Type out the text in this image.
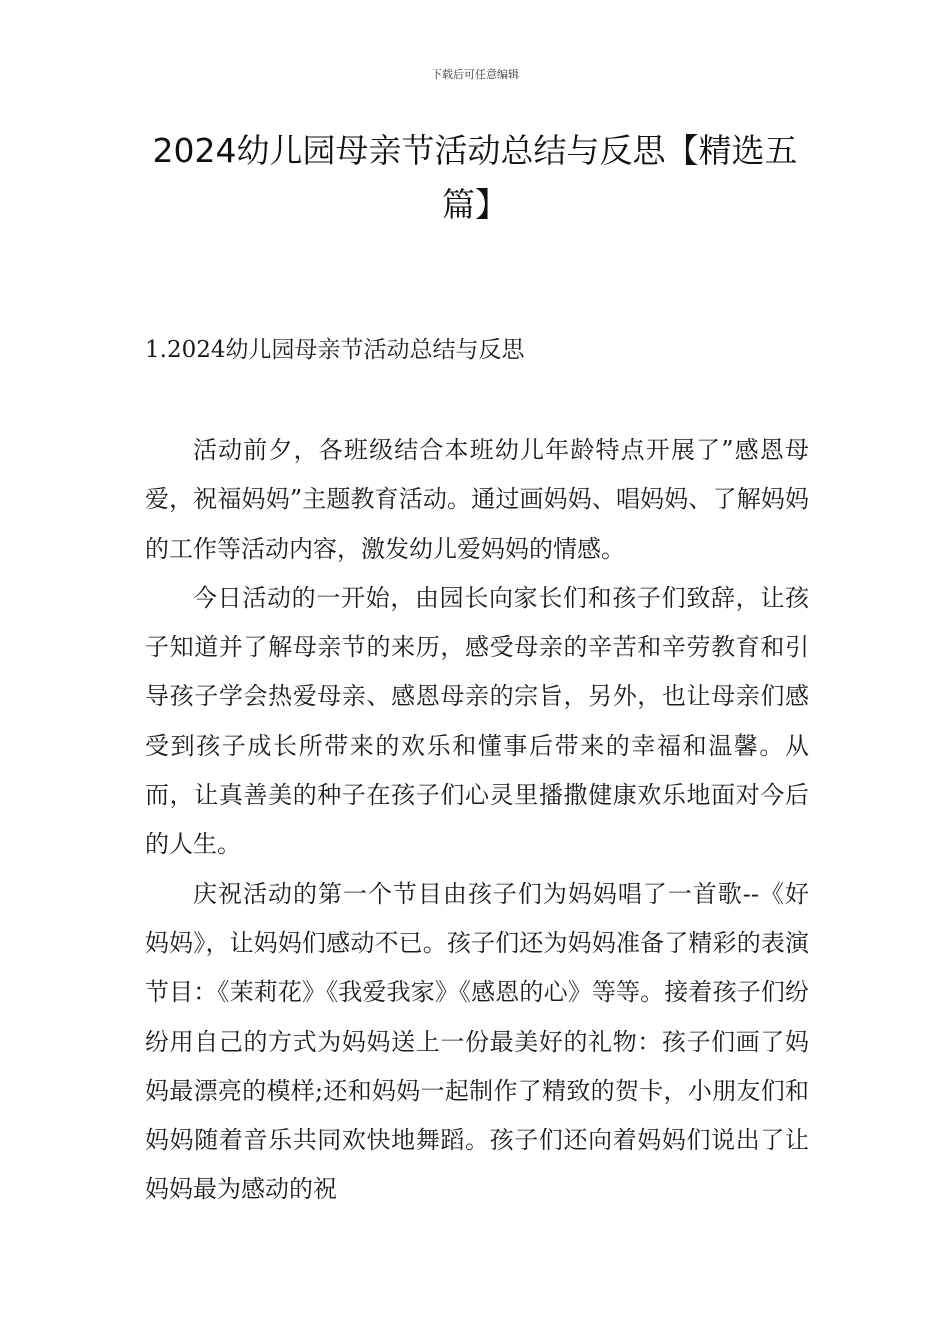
下载后可任意编辑
2024幼儿园母亲节活动总结与反思【精选五篇】
1.2024幼儿园母亲节活动总结与反思

活动前夕，各班级结合本班幼儿年龄特点开展了”感恩母爱，祝福妈妈”主题教育活动。通过画妈妈、唱妈妈、了解妈妈的工作等活动内容，激发幼儿爱妈妈的情感。

今日活动的一开始，由园长向家长们和孩子们致辞，让孩子知道并了解母亲节的来历，感受母亲的辛苦和辛劳教育和引导孩子学会热爱母亲、感恩母亲的宗旨，另外，也让母亲们感受到孩子成长所带来的欢乐和懂事后带来的幸福和温馨。从而，让真善美的种子在孩子们心灵里播撒健康欢乐地面对今后的人生。

庆祝活动的第一个节目由孩子们为妈妈唱了一首歌--《好妈妈》，让妈妈们感动不已。孩子们还为妈妈准备了精彩的表演节目：《茉莉花》《我爱我家》《感恩的心》等等。接着孩子们纷纷用自己的方式为妈妈送上一份最美好的礼物：孩子们画了妈妈最漂亮的模样;还和妈妈一起制作了精致的贺卡，小朋友们和妈妈随着音乐共同欢快地舞蹈。孩子们还向着妈妈们说出了让妈妈最为感动的祝
